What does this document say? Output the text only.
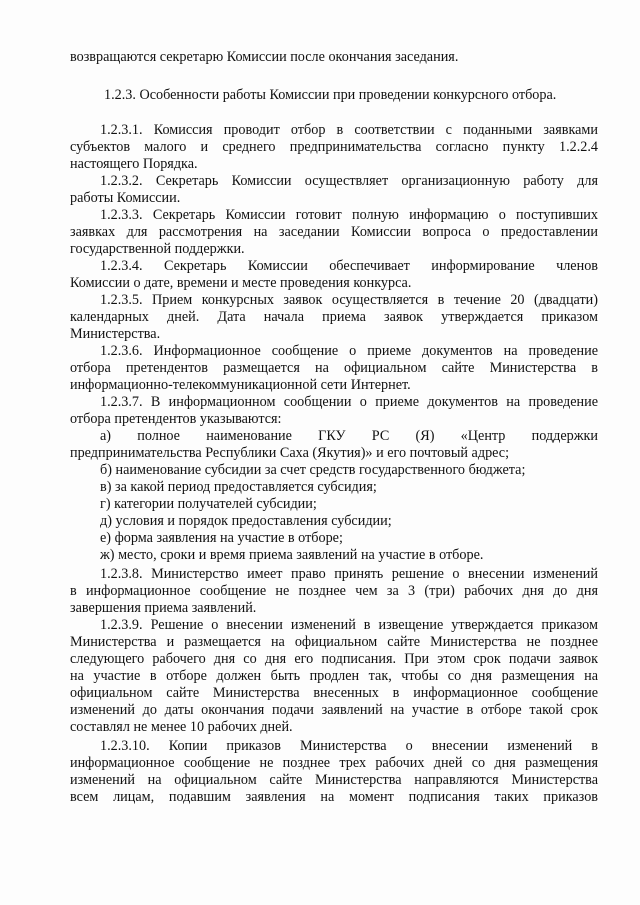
возвращаются секретарю Комиссии после окончания заседания.
1.2.3. Особенности работы Комиссии при проведении конкурсного отбора.
1.2.3.1. Комиссия проводит отбор в соответствии с поданными заявками
субъектов малого и среднего предпринимательства согласно пункту 1.2.2.4
настоящего Порядка.
1.2.3.2. Секретарь Комиссии осуществляет организационную работу для
работы Комиссии.
1.2.3.3. Секретарь Комиссии готовит полную информацию о поступивших
заявках для рассмотрения на заседании Комиссии вопроса о предоставлении
государственной поддержки.
1.2.3.4. Секретарь Комиссии обеспечивает информирование членов
Комиссии о дате, времени и месте проведения конкурса.
1.2.3.5. Прием конкурсных заявок осуществляется в течение 20 (двадцати)
календарных дней. Дата начала приема заявок утверждается приказом
Министерства.
1.2.3.6. Информационное сообщение о приеме документов на проведение
отбора претендентов размещается на официальном сайте Министерства в
информационно-телекоммуникационной сети Интернет.
1.2.3.7. В информационном сообщении о приеме документов на проведение
отбора претендентов указываются:
а) полное наименование ГКУ РС (Я) «Центр поддержки
предпринимательства Республики Саха (Якутия)» и его почтовый адрес;
б) наименование субсидии за счет средств государственного бюджета;
в) за какой период предоставляется субсидия;
г) категории получателей субсидии;
д) условия и порядок предоставления субсидии;
е) форма заявления на участие в отборе;
ж) место, сроки и время приема заявлений на участие в отборе.
1.2.3.8. Министерство имеет право принять решение о внесении изменений
в информационное сообщение не позднее чем за 3 (три) рабочих дня до дня
завершения приема заявлений.
1.2.3.9. Решение о внесении изменений в извещение утверждается приказом
Министерства и размещается на официальном сайте Министерства не позднее
следующего рабочего дня со дня его подписания. При этом срок подачи заявок
на участие в отборе должен быть продлен так, чтобы со дня размещения на
официальном сайте Министерства внесенных в информационное сообщение
изменений до даты окончания подачи заявлений на участие в отборе такой срок
составлял не менее 10 рабочих дней.
1.2.3.10. Копии приказов Министерства о внесении изменений в
информационное сообщение не позднее трех рабочих дней со дня размещения
изменений на официальном сайте Министерства направляются Министерства
всем лицам, подавшим заявления на момент подписания таких приказов
